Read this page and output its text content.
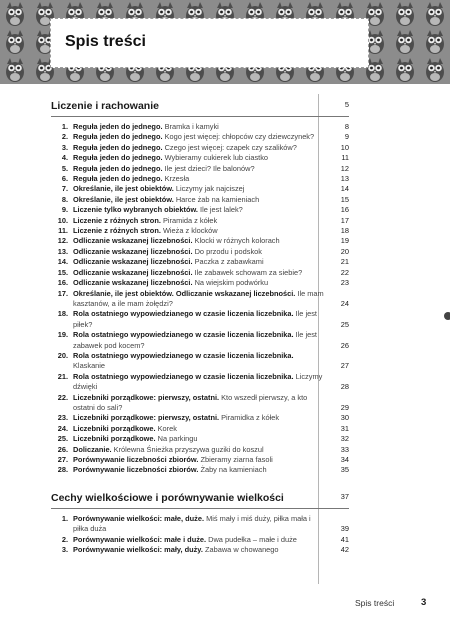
Spis treści
Liczenie i rachowanie	5
1. Reguła jeden do jednego. Bramka i kamyki	8
2. Reguła jeden do jednego. Kogo jest więcej: chłopców czy dziewczynek?	9
3. Reguła jeden do jednego. Czego jest więcej: czapek czy szalików?	10
4. Reguła jeden do jednego. Wybieramy cukierek lub ciastko	11
5. Reguła jeden do jednego. Ile jest dzieci? Ile balonów?	12
6. Reguła jeden do jednego. Krzesła	13
7. Określanie, ile jest obiektów. Liczymy jak najciszej	14
8. Określanie, ile jest obiektów. Harce żab na kamieniach	15
9. Liczenie tylko wybranych obiektów. Ile jest lalek?	16
10. Liczenie z różnych stron. Piramida z kółek	17
11. Liczenie z różnych stron. Wieża z klocków	18
12. Odliczanie wskazanej liczebności. Klocki w różnych kolorach	19
13. Odliczanie wskazanej liczebności. Do przodu i podskok	20
14. Odliczanie wskazanej liczebności. Paczka z zabawkami	21
15. Odliczanie wskazanej liczebności. Ile zabawek schowam za siebie?	22
16. Odliczanie wskazanej liczebności. Na wiejskim podwórku	23
17. Określanie, ile jest obiektów. Odliczanie wskazanej liczebności. Ile mam kasztanów, a ile mam żołędzi?	24
18. Rola ostatniego wypowiedzianego w czasie liczenia liczebnika. Ile jest piłek?	25
19. Rola ostatniego wypowiedzianego w czasie liczenia liczebnika. Ile jest zabawek pod kocem?	26
20. Rola ostatniego wypowiedzianego w czasie liczenia liczebnika. Klaskanie	27
21. Rola ostatniego wypowiedzianego w czasie liczenia liczebnika. Liczymy dźwięki	28
22. Liczebniki porządkowe: pierwszy, ostatni. Kto wszedł pierwszy, a kto ostatni do sali?	29
23. Liczebniki porządkowe: pierwszy, ostatni. Piramidka z kółek	30
24. Liczebniki porządkowe. Korek	31
25. Liczebniki porządkowe. Na parkingu	32
26. Doliczanie. Królewna Śnieżka przyszywa guziki do koszul	33
27. Porównywanie liczebności zbiorów. Zbieramy ziarna fasoli	34
28. Porównywanie liczebności zbiorów. Żaby na kamieniach	35
Cechy wielkościowe i porównywanie wielkości	37
1. Porównywanie wielkości: małe, duże. Miś mały i miś duży, piłka mała i piłka duża	39
2. Porównywanie wielkości: małe i duże. Dwa pudełka – małe i duże	41
3. Porównywanie wielkości: mały, duży. Zabawa w chowanego	42
Spis treści	3
